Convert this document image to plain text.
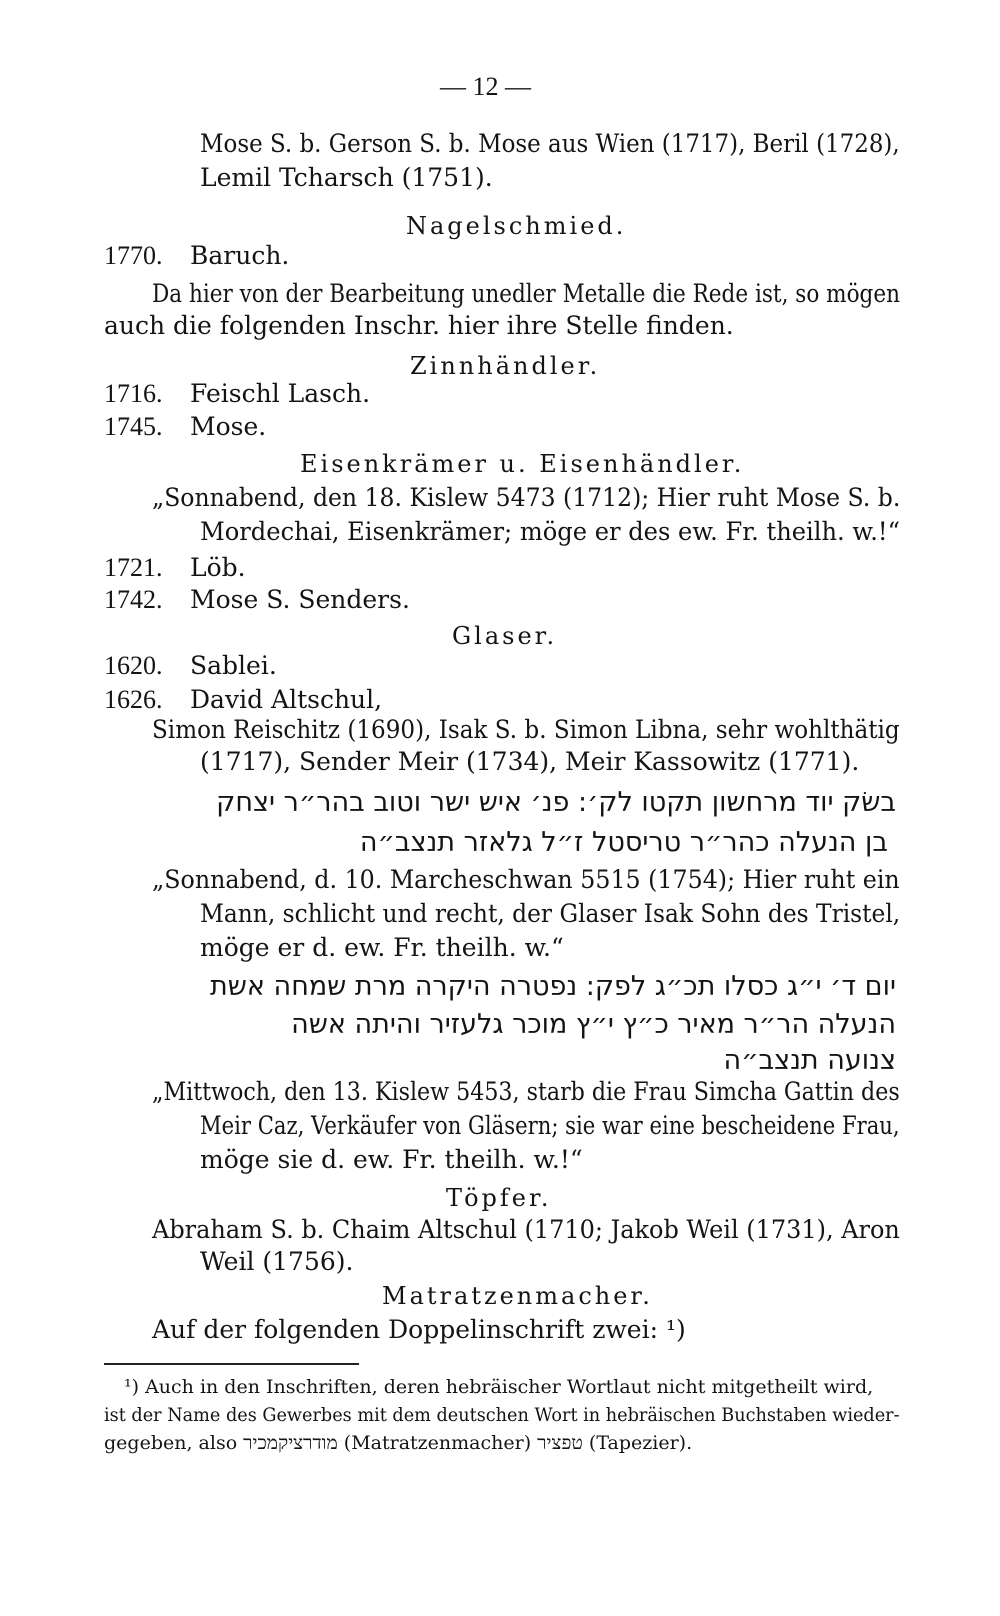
— 12 —
Mose S. b. Gerson S. b. Mose aus Wien (1717), Beril (1728),
Lemil Tcharsch (1751).
Nagelschmied.
1770. Baruch.
Da hier von der Bearbeitung unedler Metalle die Rede ist, so mögen
auch die folgenden Inschr. hier ihre Stelle finden.
Zinnhändler.
1716. Feischl Lasch.
1745. Mose.
Eisenkrämer u. Eisenhändler.
„Sonnabend, den 18. Kislew 5473 (1712); Hier ruht Mose S. b.
Mordechai, Eisenkrämer; möge er des ew. Fr. theilh. w.!“
1721. Löb.
1742. Mose S. Senders.
Glaser.
1620. Sablei.
1626. David Altschul,
Simon Reischitz (1690), Isak S. b. Simon Libna, sehr wohlthätig
(1717), Sender Meir (1734), Meir Kassowitz (1771).
בשׂק יוד מרחשון תקטו לק׳: פנ׳ איש ישר וטוב בהר״ר יצחק
בן הנעלה כהר״ר טריסטל ז״ל גלאזר תנצב״ה
„Sonnabend, d. 10. Marcheschwan 5515 (1754); Hier ruht ein
Mann, schlicht und recht, der Glaser Isak Sohn des Tristel,
möge er d. ew. Fr. theilh. w.“
יום ד׳ י״ג כסלו תכ״ג לפק: נפטרה היקרה מרת שמחה אשת
הנעלה הר״ר מאיר כ״ץ י״ץ מוכר גלעזיר והיתה אשה
צנועה תנצב״ה
„Mittwoch, den 13. Kislew 5453, starb die Frau Simcha Gattin des
Meir Caz, Verkäufer von Gläsern; sie war eine bescheidene Frau,
möge sie d. ew. Fr. theilh. w.!“
Töpfer.
Abraham S. b. Chaim Altschul (1710; Jakob Weil (1731), Aron
Weil (1756).
Matratzenmacher.
Auf der folgenden Doppelinschrift zwei: ¹)
¹) Auch in den Inschriften, deren hebräischer Wortlaut nicht mitgetheilt wird,
ist der Name des Gewerbes mit dem deutschen Wort in hebräischen Buchstaben wieder-
gegeben, also מודרציקמכיר (Matratzenmacher) טפציר (Tapezier).
